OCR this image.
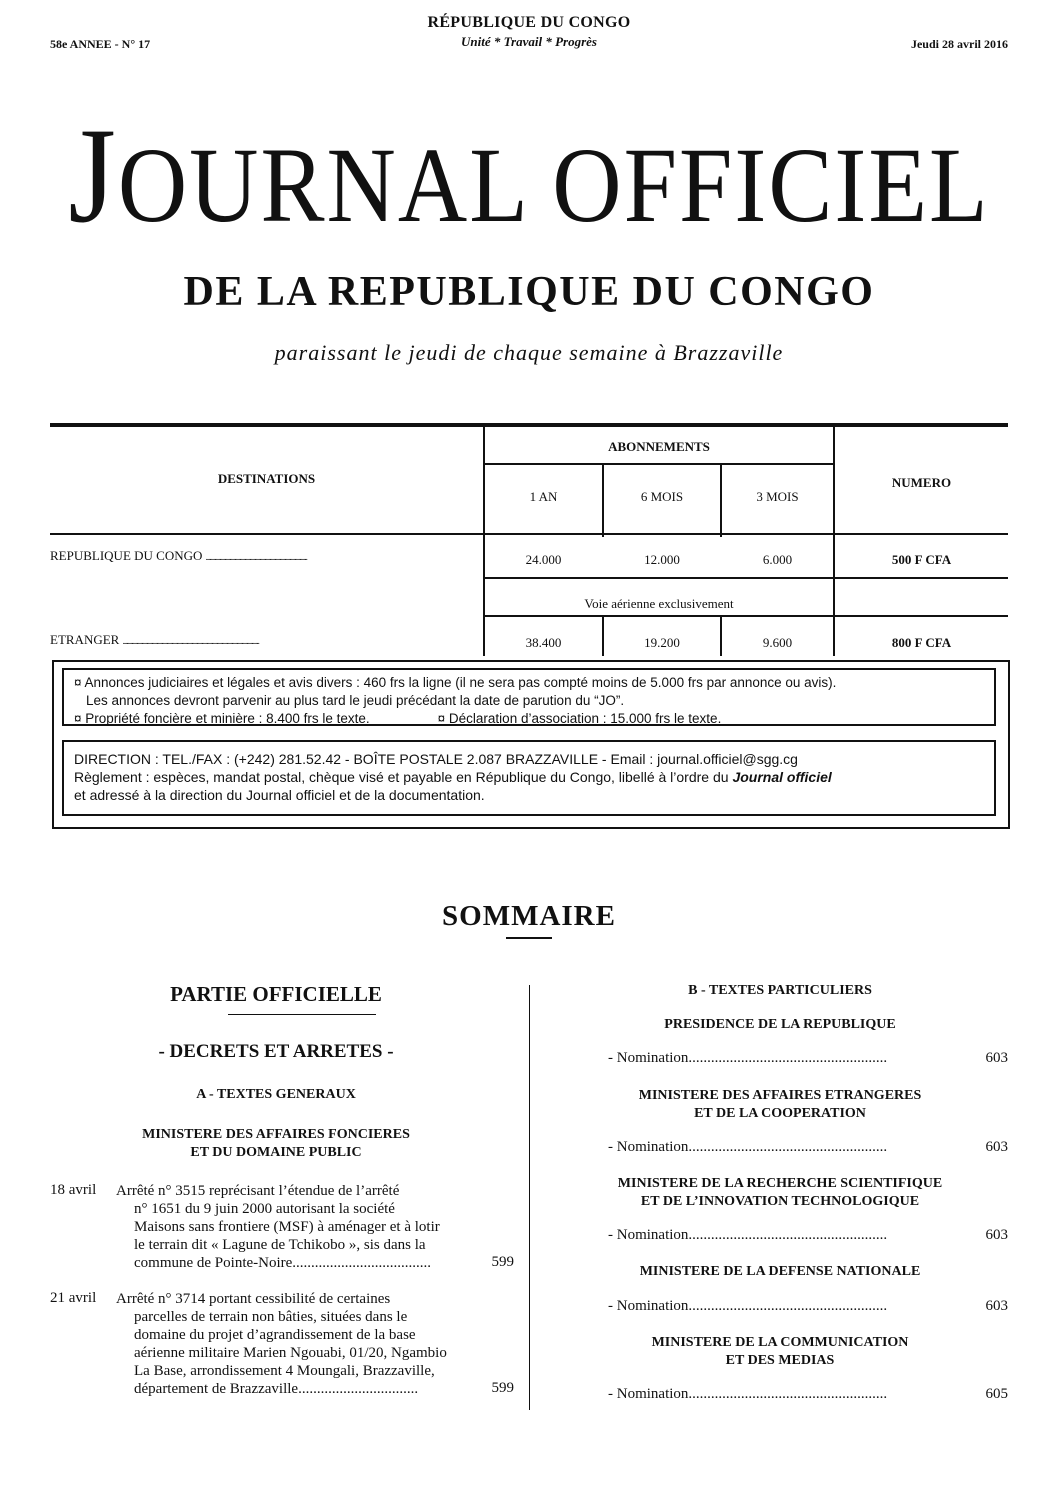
58e ANNEE - N° 17
RÉPUBLIQUE DU CONGO
Unité * Travail * Progrès	Jeudi 28 avril 2016
JOURNAL OFFICIEL
DE LA REPUBLIQUE DU CONGO
paraissant le jeudi de chaque semaine à Brazzaville
DESTINATIONS
ABONNEMENTS
NUMERO
1 AN	6 MOIS	3 MOIS
REPUBLIQUE DU CONGO .................................................................................	24.000	12.000	6.000	500 F CFA
Voie aérienne exclusivement
ETRANGER .............................................................................................................	38.400	19.200	9.600	800 F CFA
¤ Annonces judiciaires et légales et avis divers : 460 frs la ligne (il ne sera pas compté moins de 5.000 frs par annonce ou avis).
Les annonces devront parvenir au plus tard le jeudi précédant la date de parution du “JO”.
¤ Propriété foncière et minière : 8.400 frs le texte.	¤ Déclaration d’association : 15.000 frs le texte.
DIRECTION : TEL./FAX : (+242) 281.52.42 - BOÎTE POSTALE 2.087 BRAZZAVILLE - Email : journal.officiel@sgg.cg
Règlement : espèces, mandat postal, chèque visé et payable en République du Congo, libellé à l’ordre du Journal officiel
et adressé à la direction du Journal officiel et de la documentation.
SOMMAIRE
PARTIE OFFICIELLE
- DECRETS ET ARRETES -
A - TEXTES GENERAUX
MINISTERE DES AFFAIRES FONCIERES
ET DU DOMAINE PUBLIC
18 avril Arrêté n° 3515 reprécisant l’étendue de l’arrêté
n° 1651 du 9 juin 2000 autorisant la société
Maisons sans frontiere (MSF) à aménager et à lotir
le terrain dit « Lagune de Tchikobo », sis dans la
commune de Pointe-Noire.....................................	599
21 avril Arrêté n° 3714 portant cessibilité de certaines
parcelles de terrain non bâties, situées dans le
domaine du projet d’agrandissement de la base
aérienne militaire Marien Ngouabi, 01/20, Ngambio
La Base, arrondissement 4 Moungali, Brazzaville,
département de Brazzaville................................	599
B - TEXTES PARTICULIERS
PRESIDENCE DE LA REPUBLIQUE
- Nomination.....................................................	603
MINISTERE DES AFFAIRES ETRANGERES
ET DE LA COOPERATION
- Nomination.....................................................	603
MINISTERE DE LA RECHERCHE SCIENTIFIQUE
ET DE L’INNOVATION TECHNOLOGIQUE
- Nomination.....................................................	603
MINISTERE DE LA DEFENSE NATIONALE
- Nomination.....................................................	603
MINISTERE DE LA COMMUNICATION
ET DES MEDIAS
- Nomination.....................................................	605
